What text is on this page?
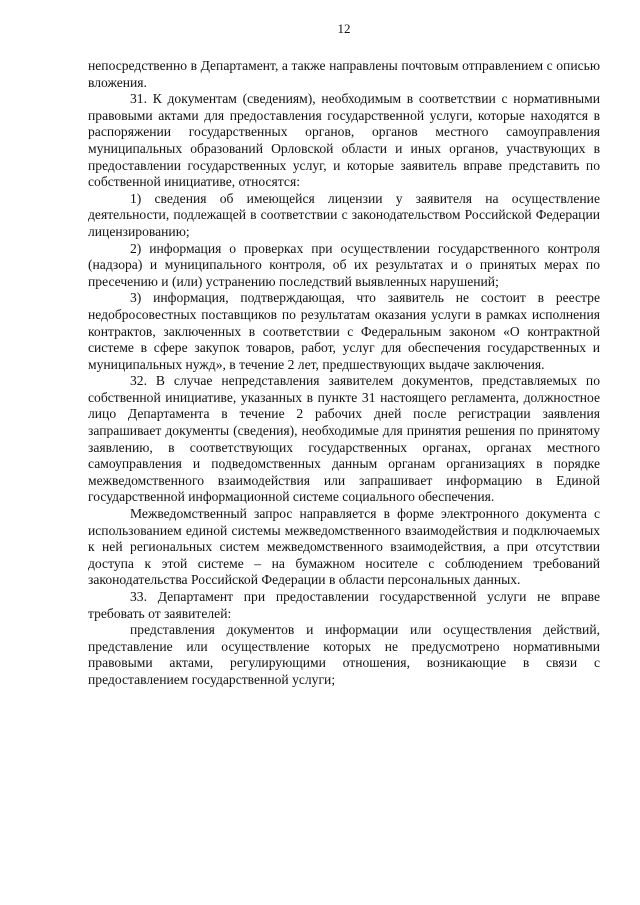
12

непосредственно в Департамент, а также направлены почтовым отправлением с описью вложения.

31. К документам (сведениям), необходимым в соответствии с нормативными правовыми актами для предоставления государственной услуги, которые находятся в распоряжении государственных органов, органов местного самоуправления муниципальных образований Орловской области и иных органов, участвующих в предоставлении государственных услуг, и которые заявитель вправе представить по собственной инициативе, относятся:

1) сведения об имеющейся лицензии у заявителя на осуществление деятельности, подлежащей в соответствии с законодательством Российской Федерации лицензированию;

2) информация о проверках при осуществлении государственного контроля (надзора) и муниципального контроля, об их результатах и о принятых мерах по пресечению и (или) устранению последствий выявленных нарушений;

3) информация, подтверждающая, что заявитель не состоит в реестре недобросовестных поставщиков по результатам оказания услуги в рамках исполнения контрактов, заключенных в соответствии с Федеральным законом «О контрактной системе в сфере закупок товаров, работ, услуг для обеспечения государственных и муниципальных нужд», в течение 2 лет, предшествующих выдаче заключения.

32. В случае непредставления заявителем документов, представляемых по собственной инициативе, указанных в пункте 31 настоящего регламента, должностное лицо Департамента в течение 2 рабочих дней после регистрации заявления запрашивает документы (сведения), необходимые для принятия решения по принятому заявлению, в соответствующих государственных органах, органах местного самоуправления и подведомственных данным органам организациях в порядке межведомственного взаимодействия или запрашивает информацию в Единой государственной информационной системе социального обеспечения.

Межведомственный запрос направляется в форме электронного документа с использованием единой системы межведомственного взаимодействия и подключаемых к ней региональных систем межведомственного взаимодействия, а при отсутствии доступа к этой системе – на бумажном носителе с соблюдением требований законодательства Российской Федерации в области персональных данных.

33. Департамент при предоставлении государственной услуги не вправе требовать от заявителей:

представления документов и информации или осуществления действий, представление или осуществление которых не предусмотрено нормативными правовыми актами, регулирующими отношения, возникающие в связи с предоставлением государственной услуги;
